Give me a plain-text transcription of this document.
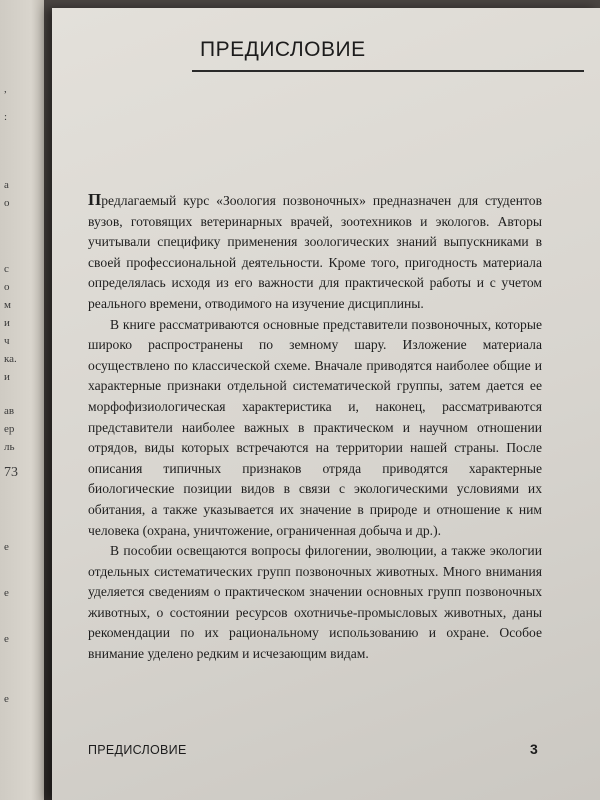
,
:
а
о
с
о
м
и
ч
ка.
и
ав
ер
ль
73
е
е
е
е
ПРЕДИСЛОВИЕ

Предлагаемый курс «Зоология позвоночных» предназначен для студентов вузов, готовящих ветеринарных врачей, зоотехников и экологов. Авторы учитывали специфику применения зоологических знаний выпускниками в своей профессиональной деятельности. Кроме того, пригодность материала определялась исходя из его важности для практической работы и с учетом реального времени, отводимого на изучение дисциплины.

В книге рассматриваются основные представители позвоночных, которые широко распространены по земному шару. Изложение материала осуществлено по классической схеме. Вначале приводятся наиболее общие и характерные признаки отдельной систематической группы, затем дается ее морфофизиологическая характеристика и, наконец, рассматриваются представители наиболее важных в практическом и научном отношении отрядов, виды которых встречаются на территории нашей страны. После описания типичных признаков отряда приводятся характерные биологические позиции видов в связи с экологическими условиями их обитания, а также указывается их значение в природе и отношение к ним человека (охрана, уничтожение, ограниченная добыча и др.).

В пособии освещаются вопросы филогении, эволюции, а также экологии отдельных систематических групп позвоночных животных. Много внимания уделяется сведениям о практическом значении основных групп позвоночных животных, о состоянии ресурсов охотничье-промысловых животных, даны рекомендации по их рациональному использованию и охране. Особое внимание уделено редким и исчезающим видам.

ПРЕДИСЛОВИЕ	3
